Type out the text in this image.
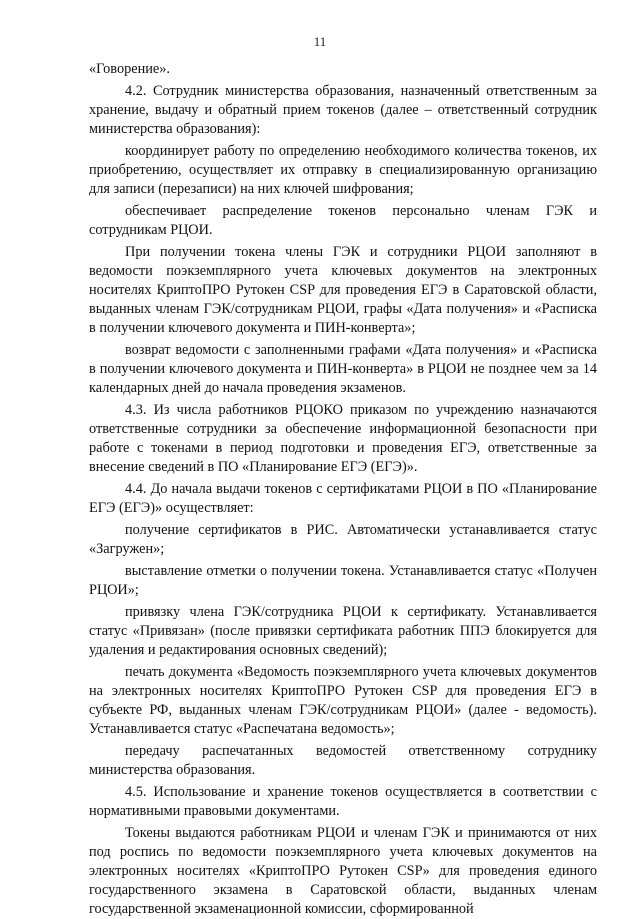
11

«Говорение».

4.2. Сотрудник министерства образования, назначенный ответственным за хранение, выдачу и обратный прием токенов (далее – ответственный сотрудник министерства образования):

координирует работу по определению необходимого количества токенов, их приобретению, осуществляет их отправку в специализированную организацию для записи (перезаписи) на них ключей шифрования;

обеспечивает распределение токенов персонально членам ГЭК и сотрудникам РЦОИ.

При получении токена члены ГЭК и сотрудники РЦОИ заполняют в ведомости поэкземплярного учета ключевых документов на электронных носителях КриптоПРО Рутокен CSP для проведения ЕГЭ в Саратовской области, выданных членам ГЭК/сотрудникам РЦОИ, графы «Дата получения» и «Расписка в получении ключевого документа и ПИН-конверта»;

возврат ведомости с заполненными графами «Дата получения» и «Расписка в получении ключевого документа и ПИН-конверта» в РЦОИ не позднее чем за 14 календарных дней до начала проведения экзаменов.

4.3. Из числа работников РЦОКО приказом по учреждению назначаются ответственные сотрудники за обеспечение информационной безопасности при работе с токенами в период подготовки и проведения ЕГЭ, ответственные за внесение сведений в ПО «Планирование ЕГЭ (ЕГЭ)».

4.4. До начала выдачи токенов с сертификатами РЦОИ в ПО «Планирование ЕГЭ (ЕГЭ)» осуществляет:

получение сертификатов в РИС. Автоматически устанавливается статус «Загружен»;

выставление отметки о получении токена. Устанавливается статус «Получен РЦОИ»;

привязку члена ГЭК/сотрудника РЦОИ к сертификату. Устанавливается статус «Привязан» (после привязки сертификата работник ППЭ блокируется для удаления и редактирования основных сведений);

печать документа «Ведомость поэкземплярного учета ключевых документов на электронных носителях КриптоПРО Рутокен CSP для проведения ЕГЭ в субъекте РФ, выданных членам ГЭК/сотрудникам РЦОИ» (далее - ведомость). Устанавливается статус «Распечатана ведомость»;

передачу распечатанных ведомостей ответственному сотруднику министерства образования.

4.5. Использование и хранение токенов осуществляется в соответствии с нормативными правовыми документами.

Токены выдаются работникам РЦОИ и членам ГЭК и принимаются от них под роспись по ведомости поэкземплярного учета ключевых документов на электронных носителях «КриптоПРО Рутокен CSP» для проведения единого государственного экзамена в Саратовской области, выданных членам государственной экзаменационной комиссии, сформированной
